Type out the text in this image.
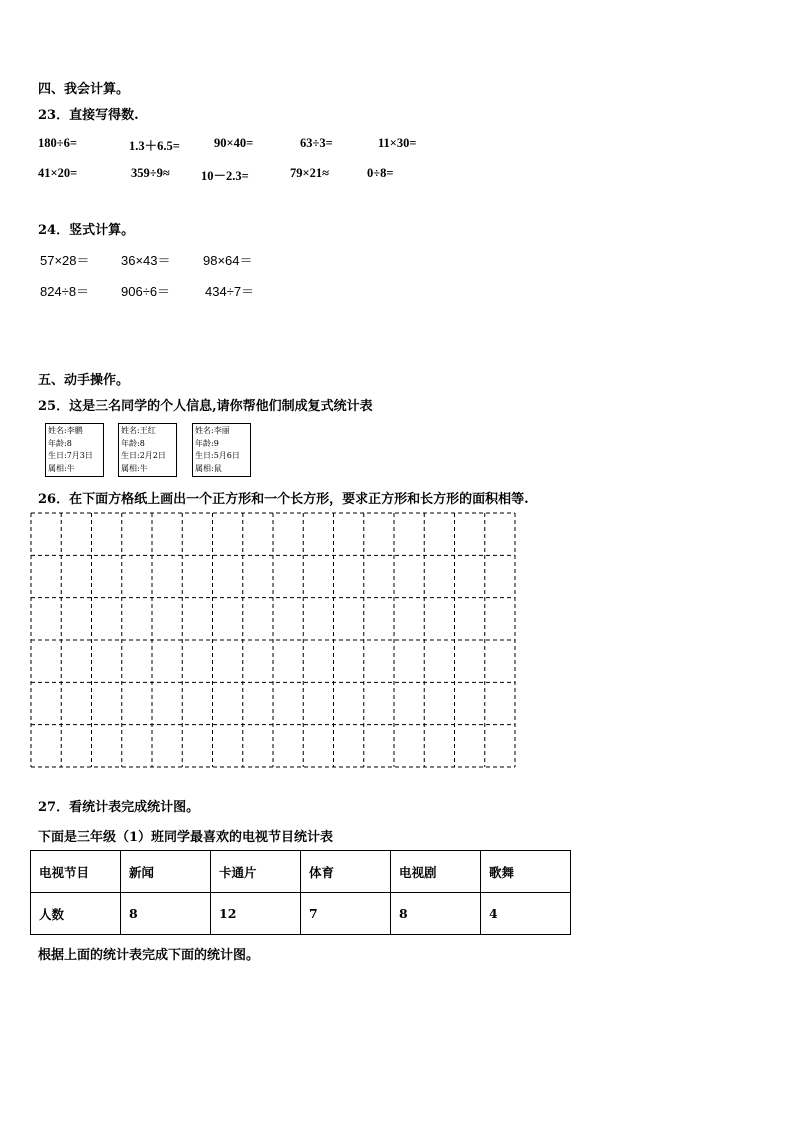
四、我会计算。
23．直接写得数.
180÷6=	1.3＋6.5=	90×40=	63÷3=	11×30=
41×20=	359÷9≈	10－2.3=	79×21≈	0÷8=
24．竖式计算。
57×28＝ 36×43＝ 98×64＝
824÷8＝ 906÷6＝	434÷7＝
五、动手操作。
25．这是三名同学的个人信息,请你帮他们制成复式统计表
姓名:李鹏
年龄:8
生日:7月3日
属相:牛
姓名:王红
年龄:8
生日:2月2日
属相:牛
姓名:李丽
年龄:9
生日:5月6日
属相:鼠
26．在下面方格纸上画出一个正方形和一个长方形，要求正方形和长方形的面积相等.
27．看统计表完成统计图。
下面是三年级（1）班同学最喜欢的电视节目统计表
电视节目	新闻	卡通片	体育	电视剧	歌舞
人数	8	12	7	8	4
根据上面的统计表完成下面的统计图。
